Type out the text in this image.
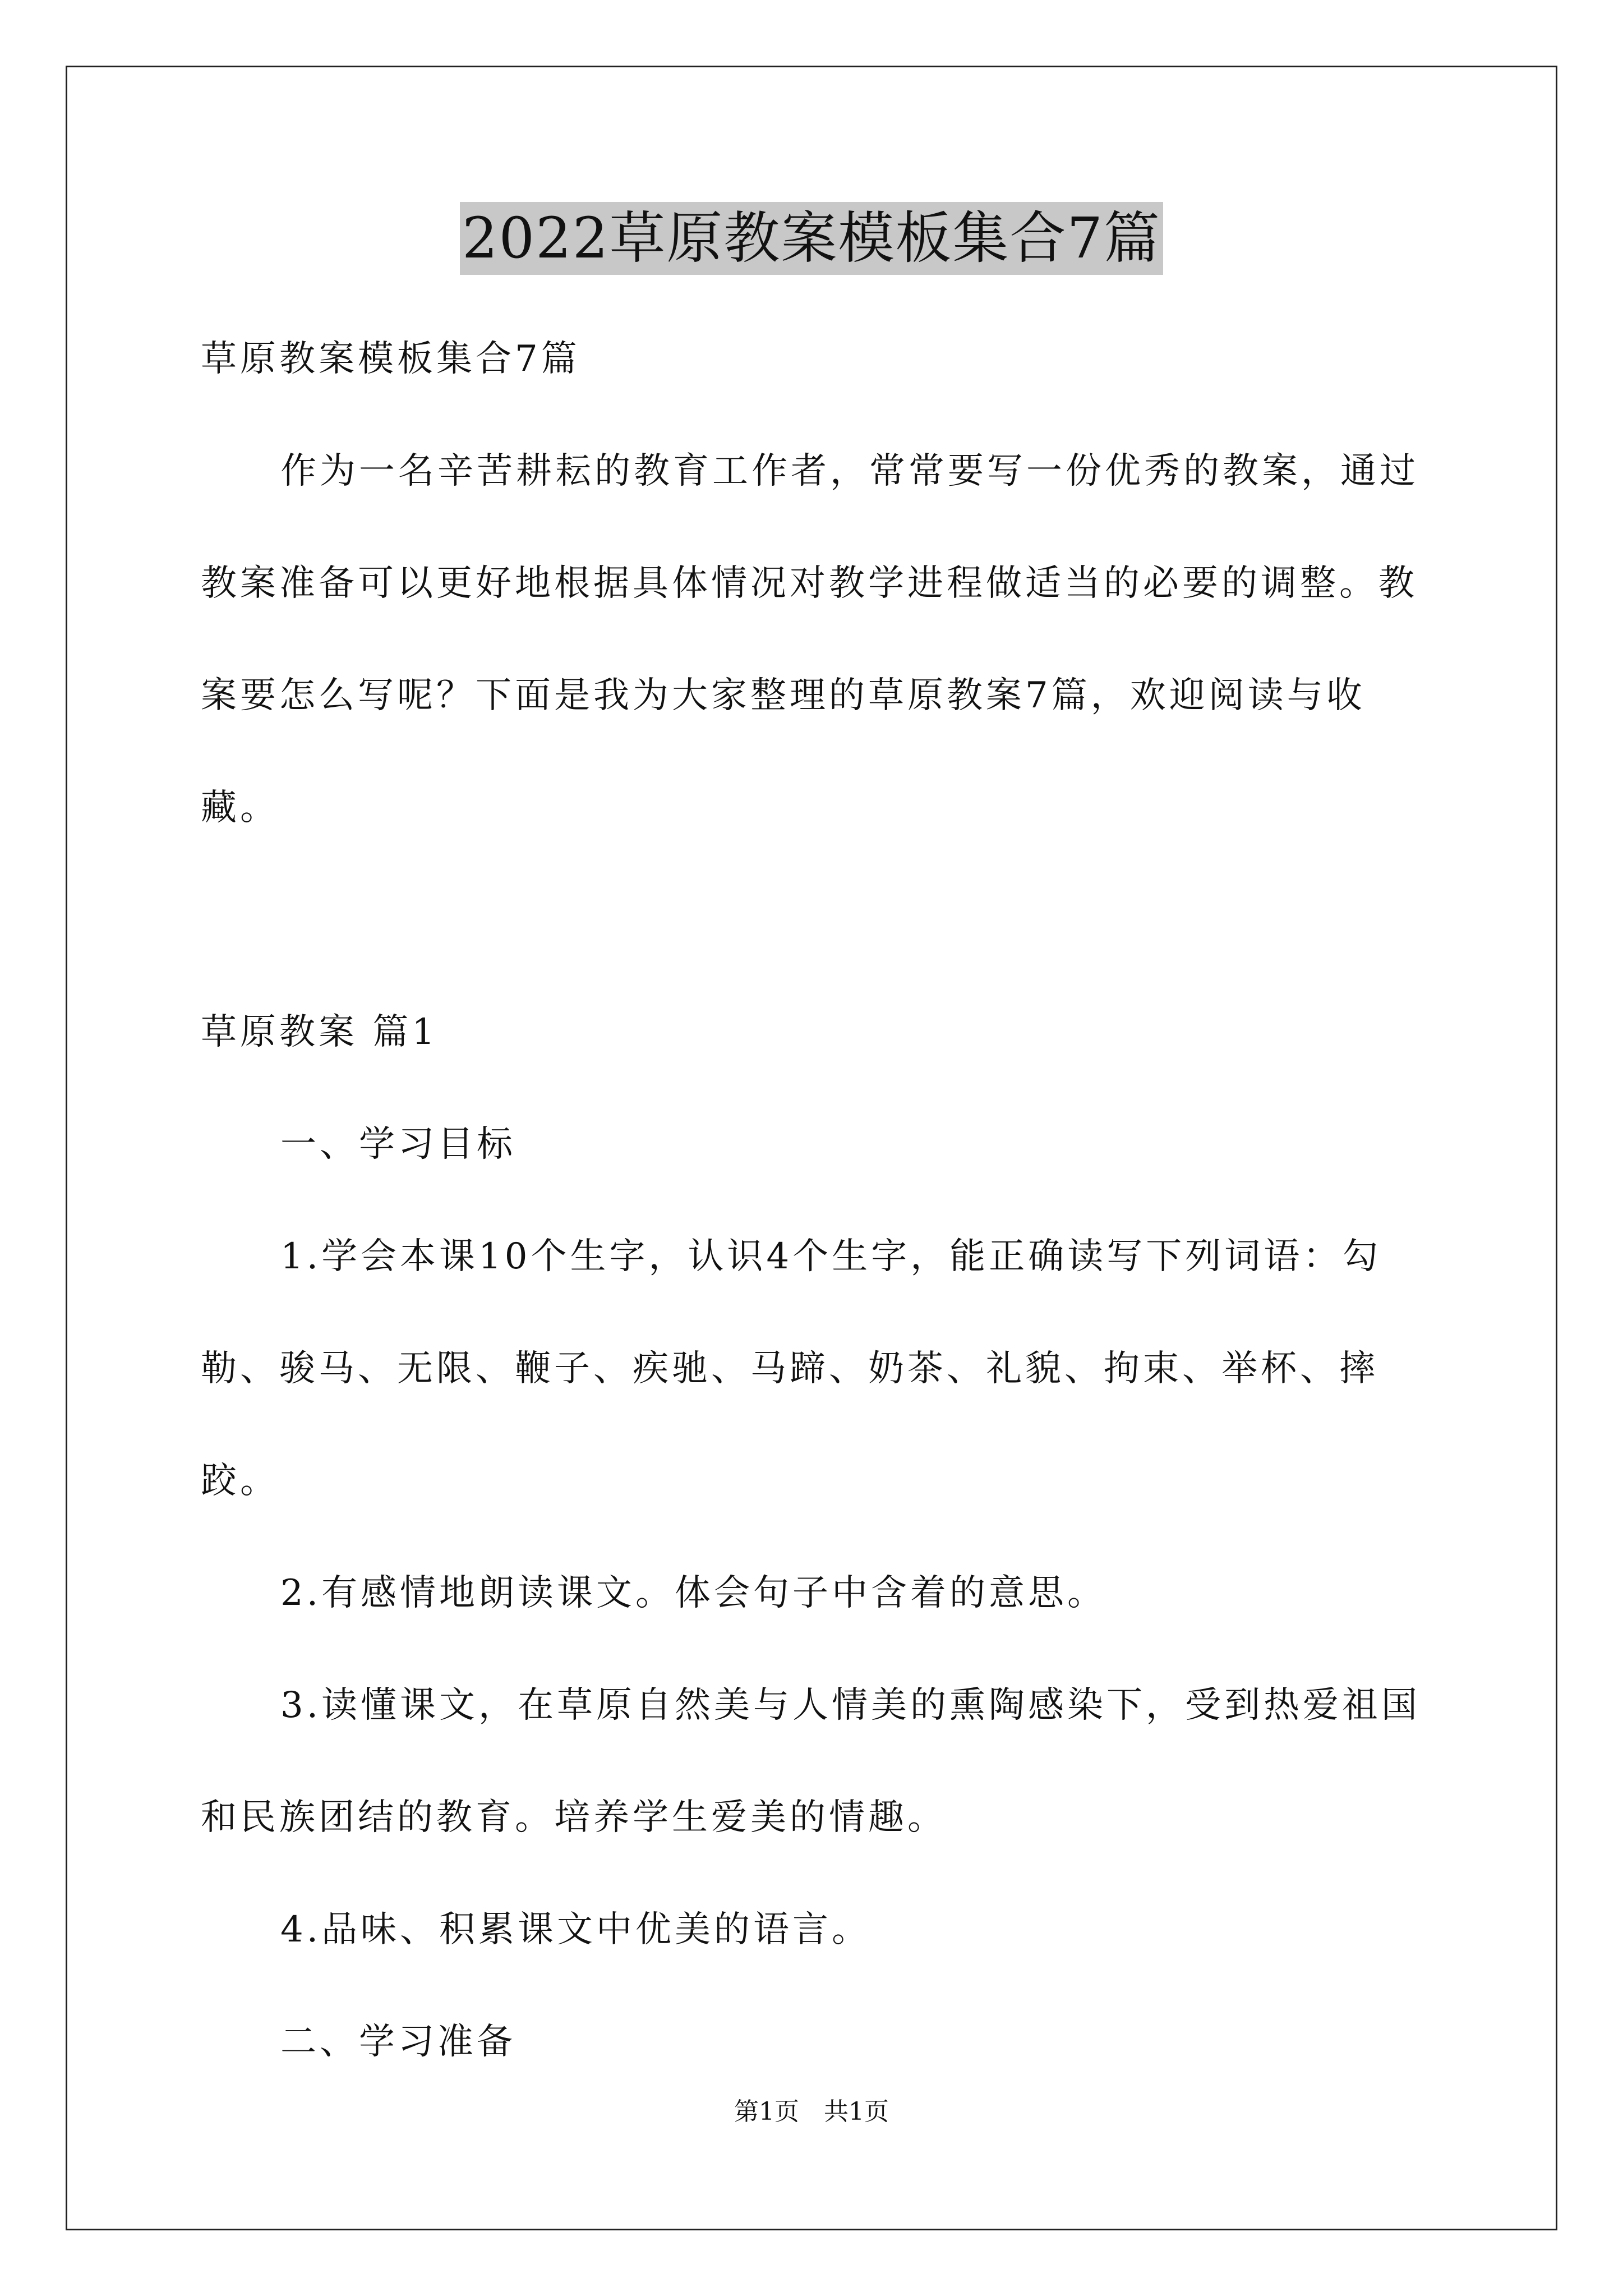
2022草原教案模板集合7篇

草原教案模板集合7篇

作为一名辛苦耕耘的教育工作者，常常要写一份优秀的教案，通过教案准备可以更好地根据具体情况对教学进程做适当的必要的调整。教案要怎么写呢？下面是我为大家整理的草原教案7篇，欢迎阅读与收藏。

草原教案 篇1

一、学习目标

1.学会本课10个生字，认识4个生字，能正确读写下列词语：勾勒、骏马、无限、鞭子、疾驰、马蹄、奶茶、礼貌、拘束、举杯、摔跤。

2.有感情地朗读课文。体会句子中含着的意思。

3.读懂课文，在草原自然美与人情美的熏陶感染下，受到热爱祖国和民族团结的教育。培养学生爱美的情趣。

4.品味、积累课文中优美的语言。

二、学习准备

第1页　共1页
